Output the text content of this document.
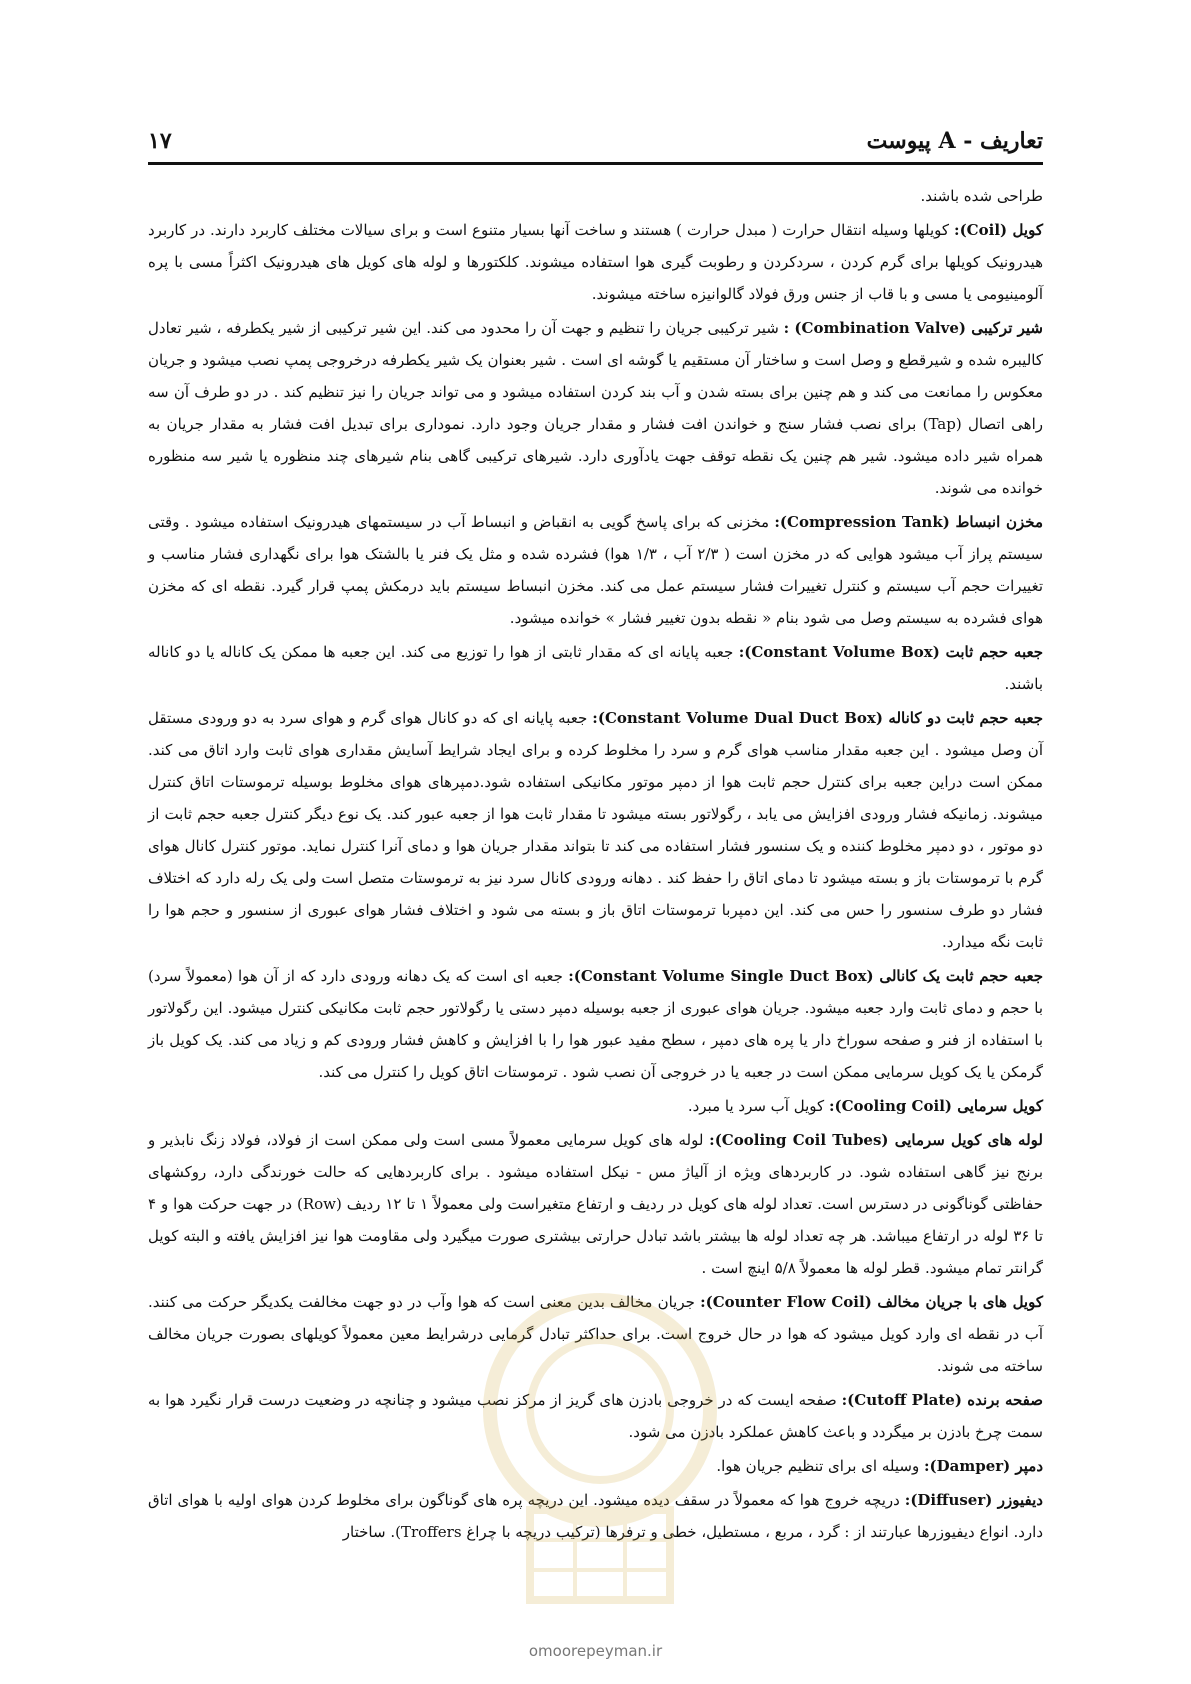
۱۷	پیوست A - تعاریف

طراحی شده باشند.

کویل (Coil): کویلها وسیله انتقال حرارت ( مبدل حرارت ) هستند و ساخت آنها بسیار متنوع است و برای سیالات مختلف کاربرد دارند. در کاربرد هیدرونیک کویلها برای گرم کردن ، سردکردن و رطوبت گیری هوا استفاده میشوند. کلکتورها و لوله های کویل های هیدرونیک اکثراً مسی با پره آلومینیومی یا مسی و با قاب از جنس ورق فولاد گالوانیزه ساخته میشوند.

شیر ترکیبی (Combination Valve) : شیر ترکیبی جریان را تنظیم و جهت آن را محدود می کند. این شیر ترکیبی از شیر یکطرفه ، شیر تعادل کالیبره شده و شیرقطع و وصل است و ساختار آن مستقیم یا گوشه ای است . شیر بعنوان یک شیر یکطرفه درخروجی پمپ نصب میشود و جریان معکوس را ممانعت می کند و هم چنین برای بسته شدن و آب بند کردن استفاده میشود و می تواند جریان را نیز تنظیم کند . در دو طرف آن سه راهی اتصال (Tap) برای نصب فشار سنج و خواندن افت فشار و مقدار جریان وجود دارد. نموداری برای تبدیل افت فشار به مقدار جریان به همراه شیر داده میشود. شیر هم چنین یک نقطه توقف جهت یادآوری دارد. شیرهای ترکیبی گاهی بنام شیرهای چند منظوره یا شیر سه منظوره خوانده می شوند.

مخزن انبساط (Compression Tank): مخزنی که برای پاسخ گویی به انقباض و انبساط آب در سیستمهای هیدرونیک استفاده میشود . وقتی سیستم پراز آب میشود هوایی که در مخزن است ( ۲/۳ آب ، ۱/۳ هوا) فشرده شده و مثل یک فنر یا بالشتک هوا برای نگهداری فشار مناسب و تغییرات حجم آب سیستم و کنترل تغییرات فشار سیستم عمل می کند. مخزن انبساط سیستم باید درمکش پمپ قرار گیرد. نقطه ای که مخزن هوای فشرده به سیستم وصل می شود بنام « نقطه بدون تغییر فشار » خوانده میشود.

جعبه حجم ثابت (Constant Volume Box): جعبه پایانه ای که مقدار ثابتی از هوا را توزیع می کند. این جعبه ها ممکن یک کاناله یا دو کاناله باشند.

جعبه حجم ثابت دو کاناله (Constant Volume Dual Duct Box): جعبه پایانه ای که دو کانال هوای گرم و هوای سرد به دو ورودی مستقل آن وصل میشود . این جعبه مقدار مناسب هوای گرم و سرد را مخلوط کرده و برای ایجاد شرایط آسایش مقداری هوای ثابت وارد اتاق می کند. ممکن است دراین جعبه برای کنترل حجم ثابت هوا از دمپر موتور مکانیکی استفاده شود.دمپرهای هوای مخلوط بوسیله ترموستات اتاق کنترل میشوند. زمانیکه فشار ورودی افزایش می یابد ، رگولاتور بسته میشود تا مقدار ثابت هوا از جعبه عبور کند. یک نوع دیگر کنترل جعبه حجم ثابت از دو موتور ، دو دمپر مخلوط کننده و یک سنسور فشار استفاده می کند تا بتواند مقدار جریان هوا و دمای آنرا کنترل نماید. موتور کنترل کانال هوای گرم با ترموستات باز و بسته میشود تا دمای اتاق را حفظ کند . دهانه ورودی کانال سرد نیز به ترموستات متصل است ولی یک رله دارد که اختلاف فشار دو طرف سنسور را حس می کند. این دمپربا ترموستات اتاق باز و بسته می شود و اختلاف فشار هوای عبوری از سنسور و حجم هوا را ثابت نگه میدارد.

جعبه حجم ثابت یک کانالی (Constant Volume Single Duct Box): جعبه ای است که یک دهانه ورودی دارد که از آن هوا (معمولاً سرد) با حجم و دمای ثابت وارد جعبه میشود. جریان هوای عبوری از جعبه بوسیله دمپر دستی یا رگولاتور حجم ثابت مکانیکی کنترل میشود. این رگولاتور با استفاده از فنر و صفحه سوراخ دار یا پره های دمپر ، سطح مفید عبور هوا را با افزایش و کاهش فشار ورودی کم و زیاد می کند. یک کویل باز گرمکن یا یک کویل سرمایی ممکن است در جعبه یا در خروجی آن نصب شود . ترموستات اتاق کویل را کنترل می کند.

کویل سرمایی (Cooling Coil): کویل آب سرد یا مبرد.

لوله های کویل سرمایی (Cooling Coil Tubes): لوله های کویل سرمایی معمولاً مسی است ولی ممکن است از فولاد، فولاد زنگ نابذیر و برنج نیز گاهی استفاده شود. در کاربردهای ویژه از آلیاژ مس - نیکل استفاده میشود . برای کاربردهایی که حالت خورندگی دارد، روکشهای حفاظتی گوناگونی در دسترس است. تعداد لوله های کویل در ردیف و ارتفاع متغیراست ولی معمولاً ۱ تا ۱۲ ردیف (Row) در جهت حرکت هوا و ۴ تا ۳۶ لوله در ارتفاع میباشد. هر چه تعداد لوله ها بیشتر باشد تبادل حرارتی بیشتری صورت میگیرد ولی مقاومت هوا نیز افزایش یافته و البته کویل گرانتر تمام میشود. قطر لوله ها معمولاً ۵/۸ اینچ است .

کویل های با جریان مخالف (Counter Flow Coil): جریان مخالف بدین معنی است که هوا وآب در دو جهت مخالفت یکدیگر حرکت می کنند. آب در نقطه ای وارد کویل میشود که هوا در حال خروج است. برای حداکثر تبادل گرمایی درشرایط معین معمولاً کویلهای بصورت جریان مخالف ساخته می شوند.

صفحه برنده (Cutoff Plate): صفحه ایست که در خروجی بادزن های گریز از مرکز نصب میشود و چنانچه در وضعیت درست قرار نگیرد هوا به سمت چرخ بادزن بر میگردد و باعث کاهش عملکرد بادزن می شود.

دمپر (Damper): وسیله ای برای تنظیم جریان هوا.

دیفیوزر (Diffuser): دریچه خروج هوا که معمولاً در سقف دیده میشود. این دریچه پره های گوناگون برای مخلوط کردن هوای اولیه با هوای اتاق دارد. انواع دیفیوزرها عبارتند از : گرد ، مربع ، مستطیل، خطی و ترفرها (ترکیب دریچه با چراغ Troffers). ساختار

omoorepeyman.ir
